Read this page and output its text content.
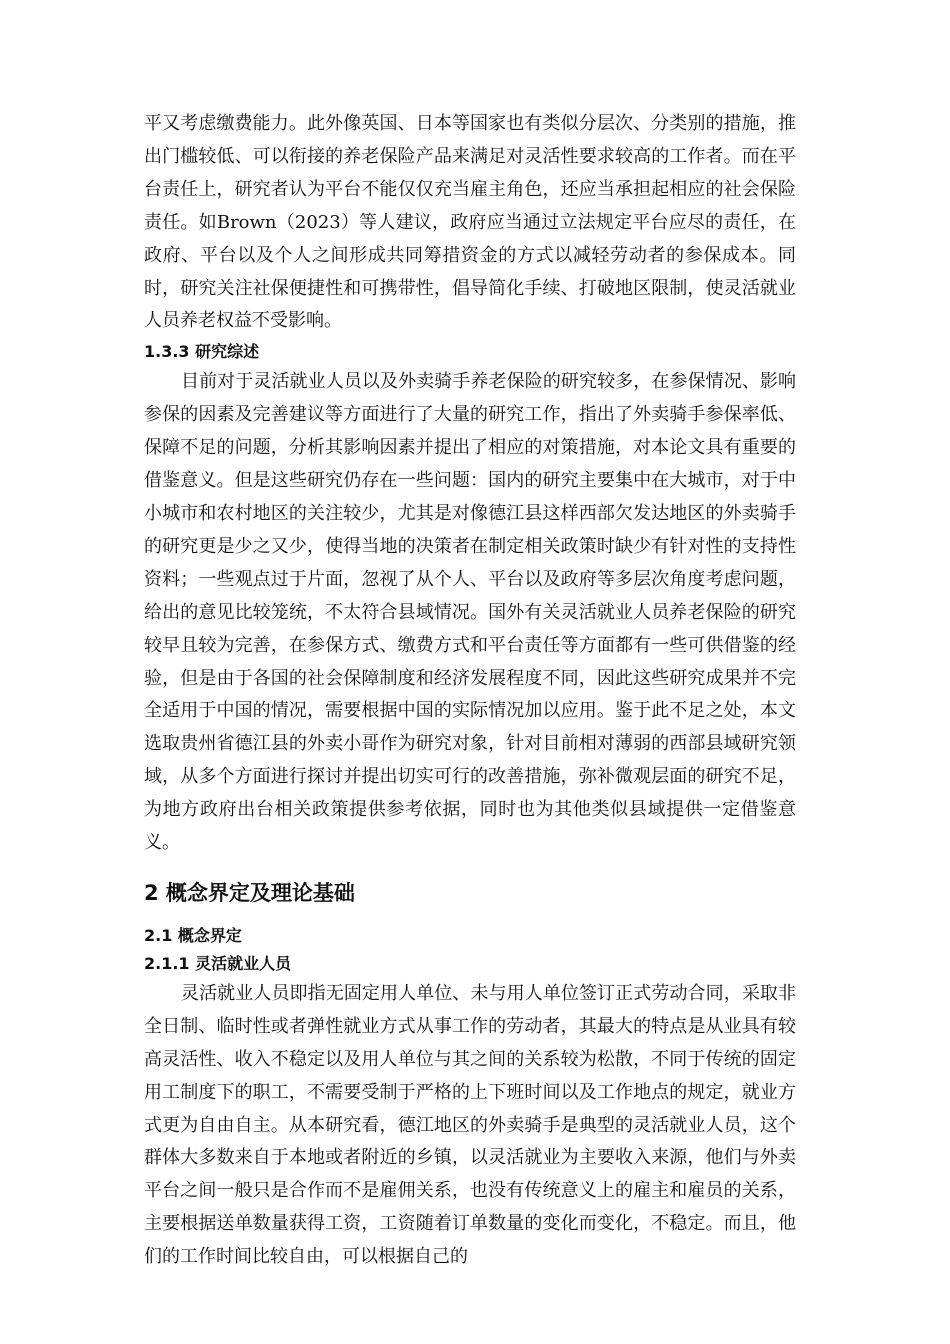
平又考虑缴费能力。此外像英国、日本等国家也有类似分层次、分类别的措施，推出门槛较低、可以衔接的养老保险产品来满足对灵活性要求较高的工作者。而在平台责任上，研究者认为平台不能仅仅充当雇主角色，还应当承担起相应的社会保险责任。如Brown（2023）等人建议，政府应当通过立法规定平台应尽的责任，在政府、平台以及个人之间形成共同筹措资金的方式以减轻劳动者的参保成本。同时，研究关注社保便捷性和可携带性，倡导简化手续、打破地区限制，使灵活就业人员养老权益不受影响。

1.3.3 研究综述

目前对于灵活就业人员以及外卖骑手养老保险的研究较多，在参保情况、影响参保的因素及完善建议等方面进行了大量的研究工作，指出了外卖骑手参保率低、保障不足的问题，分析其影响因素并提出了相应的对策措施，对本论文具有重要的借鉴意义。但是这些研究仍存在一些问题：国内的研究主要集中在大城市，对于中小城市和农村地区的关注较少，尤其是对像德江县这样西部欠发达地区的外卖骑手的研究更是少之又少，使得当地的决策者在制定相关政策时缺少有针对性的支持性资料；一些观点过于片面，忽视了从个人、平台以及政府等多层次角度考虑问题，给出的意见比较笼统，不太符合县域情况。国外有关灵活就业人员养老保险的研究较早且较为完善，在参保方式、缴费方式和平台责任等方面都有一些可供借鉴的经验，但是由于各国的社会保障制度和经济发展程度不同，因此这些研究成果并不完全适用于中国的情况，需要根据中国的实际情况加以应用。鉴于此不足之处，本文选取贵州省德江县的外卖小哥作为研究对象，针对目前相对薄弱的西部县域研究领域，从多个方面进行探讨并提出切实可行的改善措施，弥补微观层面的研究不足，为地方政府出台相关政策提供参考依据，同时也为其他类似县域提供一定借鉴意义。

2 概念界定及理论基础
2.1 概念界定
2.1.1 灵活就业人员

灵活就业人员即指无固定用人单位、未与用人单位签订正式劳动合同，采取非全日制、临时性或者弹性就业方式从事工作的劳动者，其最大的特点是从业具有较高灵活性、收入不稳定以及用人单位与其之间的关系较为松散，不同于传统的固定用工制度下的职工，不需要受制于严格的上下班时间以及工作地点的规定，就业方式更为自由自主。从本研究看，德江地区的外卖骑手是典型的灵活就业人员，这个群体大多数来自于本地或者附近的乡镇，以灵活就业为主要收入来源，他们与外卖平台之间一般只是合作而不是雇佣关系，也没有传统意义上的雇主和雇员的关系，主要根据送单数量获得工资，工资随着订单数量的变化而变化，不稳定。而且，他们的工作时间比较自由，可以根据自己的
